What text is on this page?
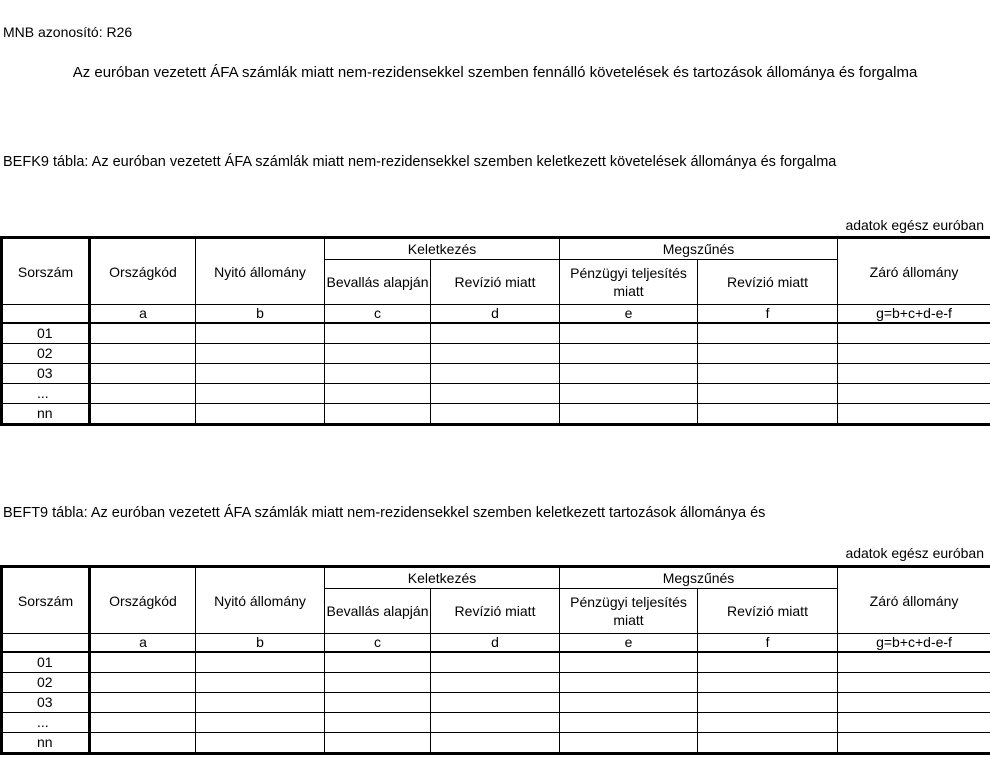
MNB azonosító: R26
Az euróban vezetett ÁFA számlák miatt nem-rezidensekkel szemben fennálló követelések és tartozások állománya és forgalma
BEFK9 tábla: Az euróban vezetett ÁFA számlák miatt nem-rezidensekkel szemben keletkezett követelések állománya és forgalma
adatok egész euróban
Sorszám	Országkód	Nyitó állomány	Keletkezés		Megszűnés		Záró állomány
			Bevallás alapján	Revízió miatt	Pénzügyi teljesítés miatt	Revízió miatt	
	a	b	c	d	e	f	g=b+c+d-e-f
01							
02							
03							
...							
nn							
BEFT9 tábla: Az euróban vezetett ÁFA számlák miatt nem-rezidensekkel szemben keletkezett tartozások állománya és
adatok egész euróban
Sorszám	Országkód	Nyitó állomány	Keletkezés		Megszűnés		Záró állomány
			Bevallás alapján	Revízió miatt	Pénzügyi teljesítés miatt	Revízió miatt	
	a	b	c	d	e	f	g=b+c+d-e-f
01							
02							
03							
...							
nn							
